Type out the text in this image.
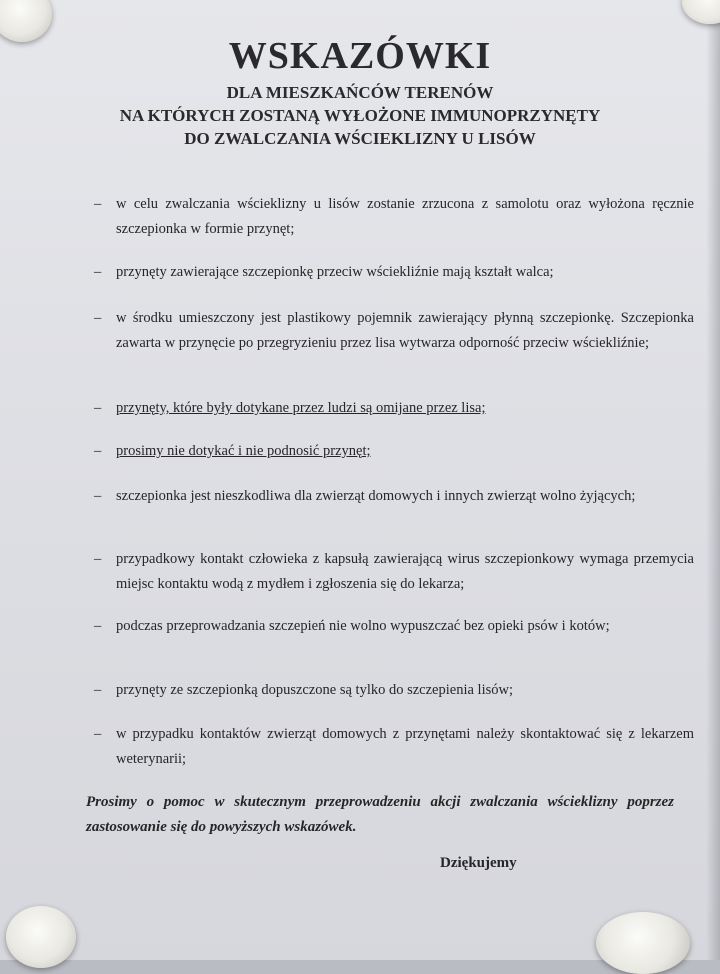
WSKAZÓWKI
DLA MIESZKAŃCÓW TERENÓW
NA KTÓRYCH ZOSTANĄ WYŁOŻONE IMMUNOPRZYNĘTY
DO ZWALCZANIA WŚCIEKLIZNY U LISÓW
–	w celu zwalczania wścieklizny u lisów zostanie zrzucona z samolotu oraz wyłożona ręcznie szczepionka w formie przynęt;
–	przynęty zawierające szczepionkę przeciw wściekliźnie mają kształt walca;
–	w środku umieszczony jest plastikowy pojemnik zawierający płynną szczepionkę. Szczepionka zawarta w przynęcie po przegryzieniu przez lisa wytwarza odporność przeciw wściekliźnie;
–	przynęty, które były dotykane przez ludzi są omijane przez lisa;
–	prosimy nie dotykać i nie podnosić przynęt;
–	szczepionka jest nieszkodliwa dla zwierząt domowych i innych zwierząt wolno żyjących;
–	przypadkowy kontakt człowieka z kapsułą zawierającą wirus szczepionkowy wymaga przemycia miejsc kontaktu wodą z mydłem i zgłoszenia się do lekarza;
–	podczas przeprowadzania szczepień nie wolno wypuszczać bez opieki psów i kotów;
–	przynęty ze szczepionką dopuszczone są tylko do szczepienia lisów;
–	w przypadku kontaktów zwierząt domowych z przynętami należy skontaktować się z lekarzem weterynarii;
Prosimy o pomoc w skutecznym przeprowadzeniu akcji zwalczania wścieklizny poprzez zastosowanie się do powyższych wskazówek.
Dziękujemy
